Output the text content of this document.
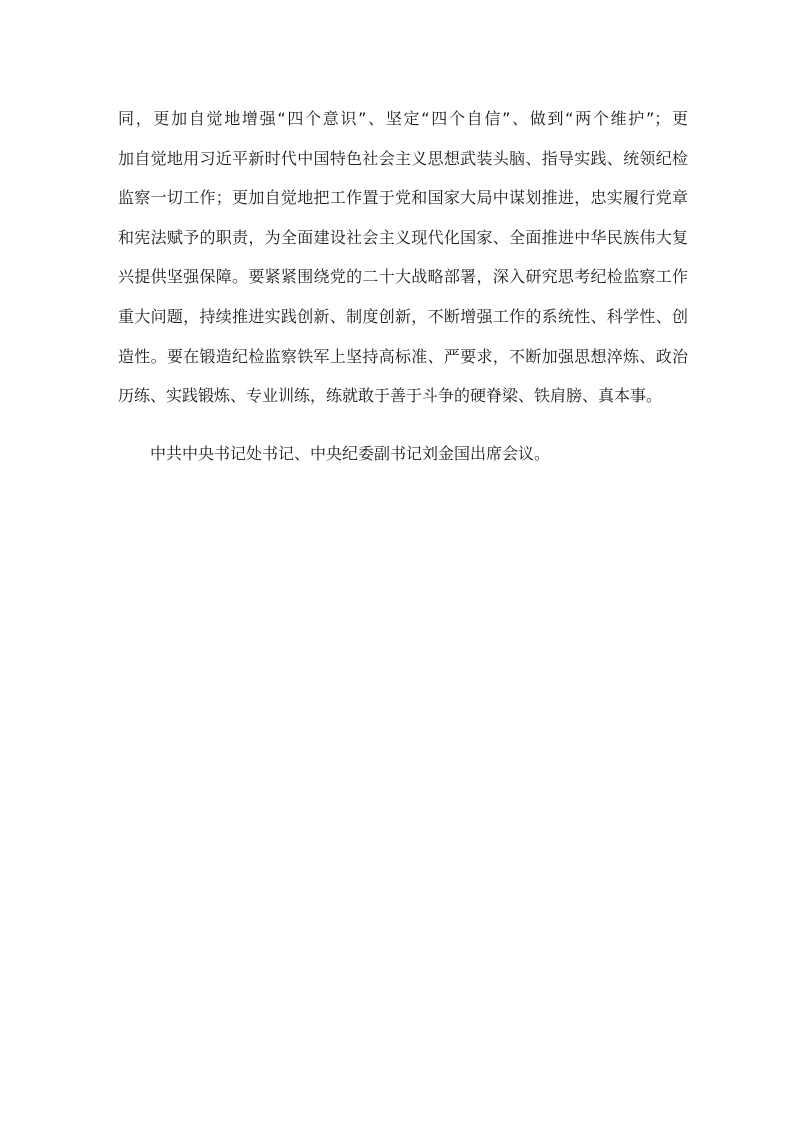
同，更加自觉地增强“四个意识”、坚定“四个自信”、做到“两个维护”；更
加自觉地用习近平新时代中国特色社会主义思想武装头脑、指导实践、统领纪检
监察一切工作；更加自觉地把工作置于党和国家大局中谋划推进，忠实履行党章
和宪法赋予的职责，为全面建设社会主义现代化国家、全面推进中华民族伟大复
兴提供坚强保障。要紧紧围绕党的二十大战略部署，深入研究思考纪检监察工作
重大问题，持续推进实践创新、制度创新，不断增强工作的系统性、科学性、创
造性。要在锻造纪检监察铁军上坚持高标准、严要求，不断加强思想淬炼、政治
历练、实践锻炼、专业训练，练就敢于善于斗争的硬脊梁、铁肩膀、真本事。
中共中央书记处书记、中央纪委副书记刘金国出席会议。
